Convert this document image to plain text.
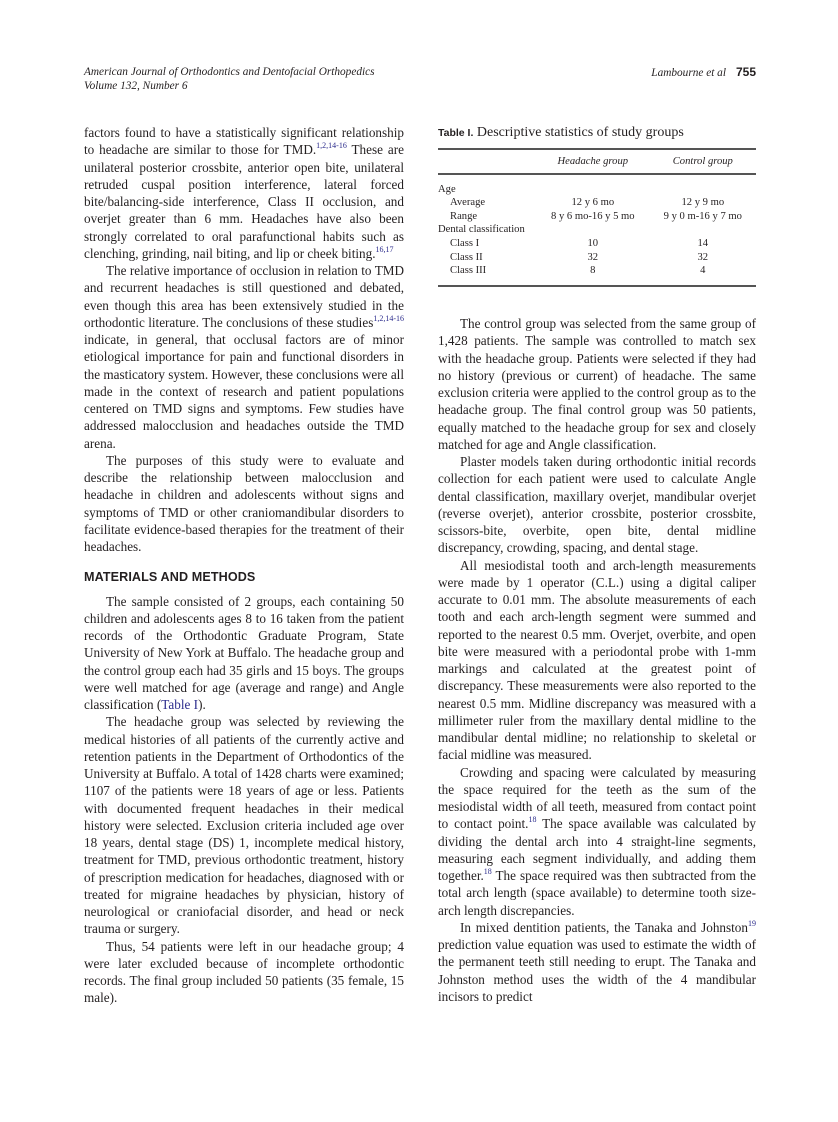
American Journal of Orthodontics and Dentofacial Orthopedics
Volume 132, Number 6
Lambourne et al 755

factors found to have a statistically significant relationship to headache are similar to those for TMD.$^{1,2,14-16}$ These are unilateral posterior crossbite, anterior open bite, unilateral retruded cuspal position interference, lateral forced bite/balancing-side interference, Class II occlusion, and overjet greater than 6 mm. Headaches have also been strongly correlated to oral parafunctional habits such as clenching, grinding, nail biting, and lip or cheek biting.$^{16,17}$

The relative importance of occlusion in relation to TMD and recurrent headaches is still questioned and debated, even though this area has been extensively studied in the orthodontic literature. The conclusions of these studies$^{1,2,14-16}$ indicate, in general, that occlusal factors are of minor etiological importance for pain and functional disorders in the masticatory system. However, these conclusions were all made in the context of research and patient populations centered on TMD signs and symptoms. Few studies have addressed malocclusion and headaches outside the TMD arena.

The purposes of this study were to evaluate and describe the relationship between malocclusion and headache in children and adolescents without signs and symptoms of TMD or other craniomandibular disorders to facilitate evidence-based therapies for the treatment of their headaches.

MATERIALS AND METHODS

The sample consisted of 2 groups, each containing 50 children and adolescents ages 8 to 16 taken from the patient records of the Orthodontic Graduate Program, State University of New York at Buffalo. The headache group and the control group each had 35 girls and 15 boys. The groups were well matched for age (average and range) and Angle classification (Table I).

The headache group was selected by reviewing the medical histories of all patients of the currently active and retention patients in the Department of Orthodontics of the University at Buffalo. A total of 1428 charts were examined; 1107 of the patients were 18 years of age or less. Patients with documented frequent headaches in their medical history were selected. Exclusion criteria included age over 18 years, dental stage (DS) 1, incomplete medical history, treatment for TMD, previous orthodontic treatment, history of prescription medication for headaches, diagnosed with or treated for migraine headaches by physician, history of neurological or craniofacial disorder, and head or neck trauma or surgery.

Thus, 54 patients were left in our headache group; 4 were later excluded because of incomplete orthodontic records. The final group included 50 patients (35 female, 15 male).

Table I. Descriptive statistics of study groups
	Headache group	Control group
Age		
Average	12 y 6 mo	12 y 9 mo
Range	8 y 6 mo-16 y 5 mo	9 y 0 m-16 y 7 mo
Dental classification		
Class I	10	14
Class II	32	32
Class III	8	4

The control group was selected from the same group of 1,428 patients. The sample was controlled to match sex with the headache group. Patients were selected if they had no history (previous or current) of headache. The same exclusion criteria were applied to the control group as to the headache group. The final control group was 50 patients, equally matched to the headache group for sex and closely matched for age and Angle classification.

Plaster models taken during orthodontic initial records collection for each patient were used to calculate Angle dental classification, maxillary overjet, mandibular overjet (reverse overjet), anterior crossbite, posterior crossbite, scissors-bite, overbite, open bite, dental midline discrepancy, crowding, spacing, and dental stage.

All mesiodistal tooth and arch-length measurements were made by 1 operator (C.L.) using a digital caliper accurate to 0.01 mm. The absolute measurements of each tooth and each arch-length segment were summed and reported to the nearest 0.5 mm. Overjet, overbite, and open bite were measured with a periodontal probe with 1-mm markings and calculated at the greatest point of discrepancy. These measurements were also reported to the nearest 0.5 mm. Midline discrepancy was measured with a millimeter ruler from the maxillary dental midline to the mandibular dental midline; no relationship to skeletal or facial midline was measured.

Crowding and spacing were calculated by measuring the space required for the teeth as the sum of the mesiodistal width of all teeth, measured from contact point to contact point.$^{18}$ The space available was calculated by dividing the dental arch into 4 straight-line segments, measuring each segment individually, and adding them together.$^{18}$ The space required was then subtracted from the total arch length (space available) to determine tooth size-arch length discrepancies.

In mixed dentition patients, the Tanaka and Johnston$^{19}$ prediction value equation was used to estimate the width of the permanent teeth still needing to erupt. The Tanaka and Johnston method uses the width of the 4 mandibular incisors to predict
